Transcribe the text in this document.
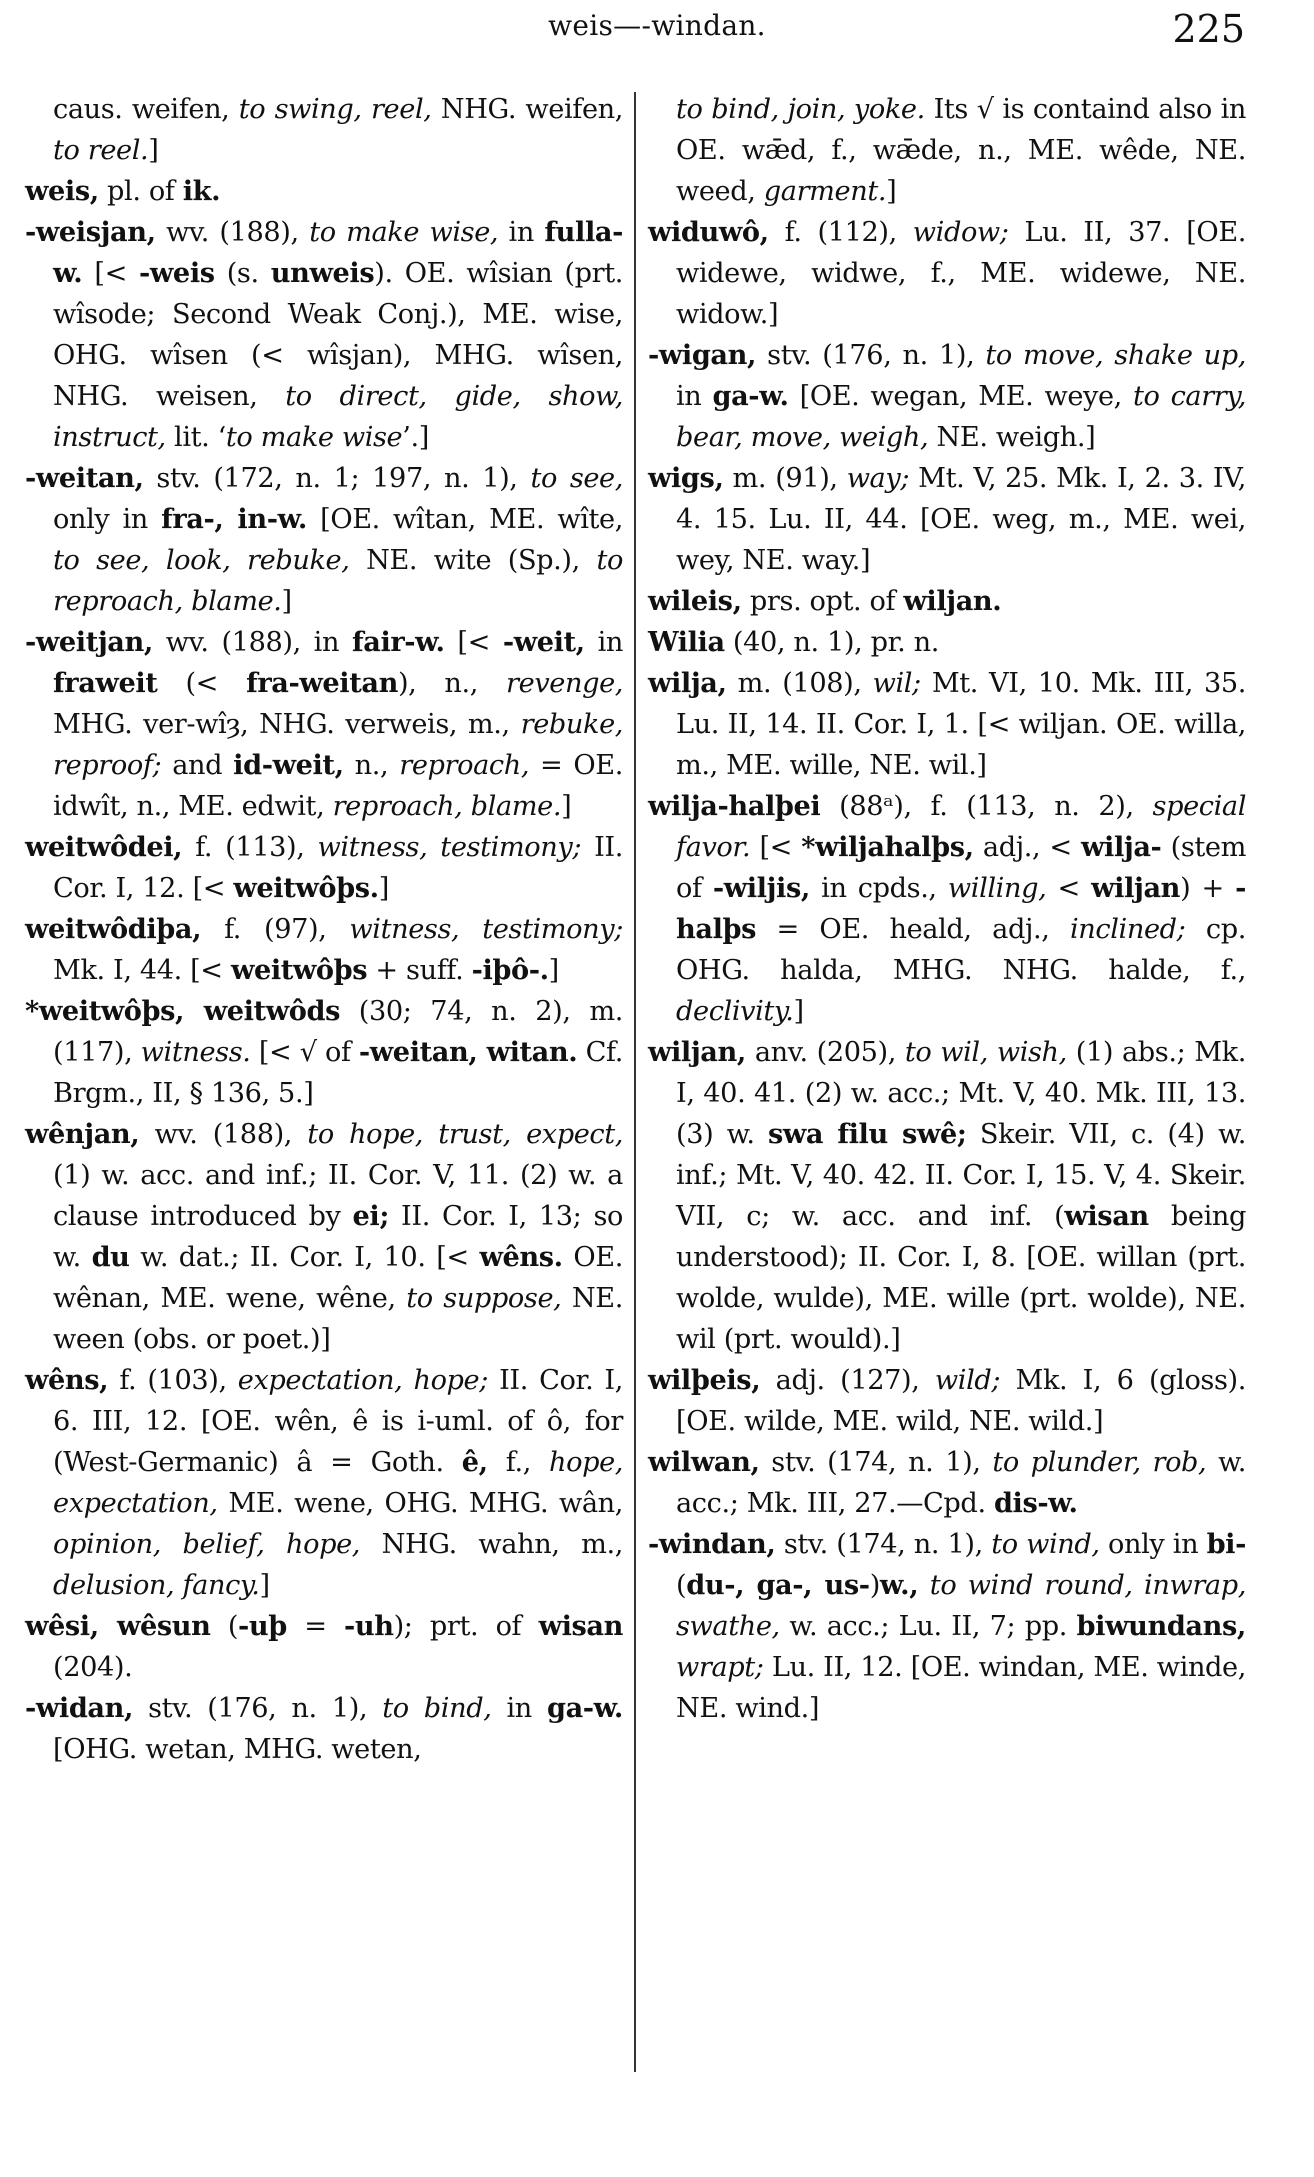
weis—-windan.	225

caus. weifen, to swing, reel, NHG. weifen, to reel.]

weis, pl. of ik.

-weisjan, wv. (188), to make wise, in fulla-w. [< -weis (s. unweis). OE. wîsian (prt. wîsode; Second Weak Conj.), ME. wise, OHG. wîsen (< wîsjan), MHG. wîsen, NHG. weisen, to direct, gide, show, instruct, lit. ‘to make wise’.]

-weitan, stv. (172, n. 1; 197, n. 1), to see, only in fra-, in-w. [OE. wîtan, ME. wîte, to see, look, rebuke, NE. wite (Sp.), to reproach, blame.]

-weitjan, wv. (188), in fair-w. [< -weit, in fraweit (< fra-weitan), n., revenge, MHG. ver-wîȝ, NHG. verweis, m., rebuke, reproof; and id-weit, n., reproach, = OE. idwît, n., ME. edwit, reproach, blame.]

weitwôdei, f. (113), witness, testimony; II. Cor. I, 12. [< weitwôþs.]

weitwôdiþa, f. (97), witness, testimony; Mk. I, 44. [< weitwôþs + suff. -iþô-.]

*weitwôþs, weitwôds (30; 74, n. 2), m. (117), witness. [< √ of -weitan, witan. Cf. Brgm., II, § 136, 5.]

wênjan, wv. (188), to hope, trust, expect, (1) w. acc. and inf.; II. Cor. V, 11. (2) w. a clause introduced by ei; II. Cor. I, 13; so w. du w. dat.; II. Cor. I, 10. [< wêns. OE. wênan, ME. wene, wêne, to suppose, NE. ween (obs. or poet.)]

wêns, f. (103), expectation, hope; II. Cor. I, 6. III, 12. [OE. wên, ê is i-uml. of ô, for (West-Germanic) â = Goth. ê, f., hope, expectation, ME. wene, OHG. MHG. wân, opinion, belief, hope, NHG. wahn, m., delusion, fancy.]

wêsi, wêsun (-uþ = -uh); prt. of wisan (204).

-widan, stv. (176, n. 1), to bind, in ga-w. [OHG. wetan, MHG. weten,

to bind, join, yoke. Its √ is containd also in OE. wǣd, f., wǣde, n., ME. wêde, NE. weed, garment.]

widuwô, f. (112), widow; Lu. II, 37. [OE. widewe, widwe, f., ME. widewe, NE. widow.]

-wigan, stv. (176, n. 1), to move, shake up, in ga-w. [OE. wegan, ME. weye, to carry, bear, move, weigh, NE. weigh.]

wigs, m. (91), way; Mt. V, 25. Mk. I, 2. 3. IV, 4. 15. Lu. II, 44. [OE. weg, m., ME. wei, wey, NE. way.]

wileis, prs. opt. of wiljan.

Wilia (40, n. 1), pr. n.

wilja, m. (108), wil; Mt. VI, 10. Mk. III, 35. Lu. II, 14. II. Cor. I, 1. [< wiljan. OE. willa, m., ME. wille, NE. wil.]

wilja-halþei (88ᵃ), f. (113, n. 2), special favor. [< *wiljahalþs, adj., < wilja- (stem of -wiljis, in cpds., willing, < wiljan) + -halþs = OE. heald, adj., inclined; cp. OHG. halda, MHG. NHG. halde, f., declivity.]

wiljan, anv. (205), to wil, wish, (1) abs.; Mk. I, 40. 41. (2) w. acc.; Mt. V, 40. Mk. III, 13. (3) w. swa filu swê; Skeir. VII, c. (4) w. inf.; Mt. V, 40. 42. II. Cor. I, 15. V, 4. Skeir. VII, c; w. acc. and inf. (wisan being understood); II. Cor. I, 8. [OE. willan (prt. wolde, wulde), ME. wille (prt. wolde), NE. wil (prt. would).]

wilþeis, adj. (127), wild; Mk. I, 6 (gloss). [OE. wilde, ME. wild, NE. wild.]

wilwan, stv. (174, n. 1), to plunder, rob, w. acc.; Mk. III, 27.—Cpd. dis-w.

-windan, stv. (174, n. 1), to wind, only in bi- (du-, ga-, us-)w., to wind round, inwrap, swathe, w. acc.; Lu. II, 7; pp. biwundans, wrapt; Lu. II, 12. [OE. windan, ME. winde, NE. wind.]
